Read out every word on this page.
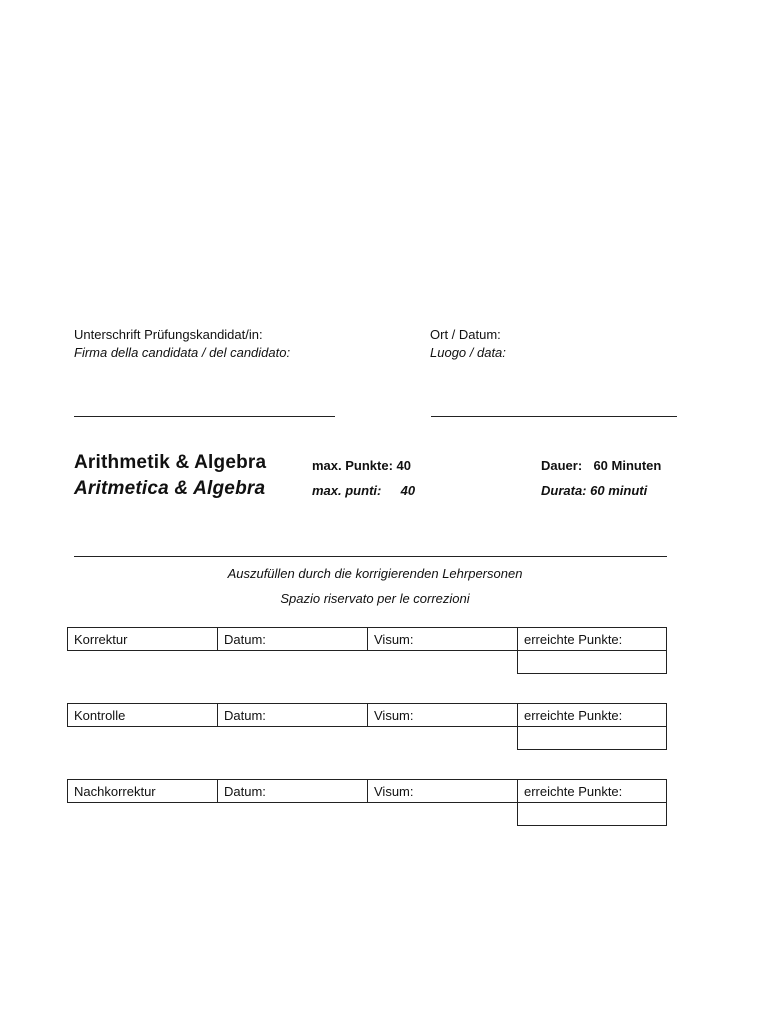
Unterschrift Prüfungskandidat/in:
Firma della candidata / del candidato:
Ort / Datum:
Luogo / data:
Arithmetik & Algebra
Aritmetica & Algebra
max. Punkte: 40
max. punti: 40
Dauer: 60 Minuten
Durata: 60 minuti
Auszufüllen durch die korrigierenden Lehrpersonen
Spazio riservato per le correzioni
Korrektur	Datum:	Visum:	erreichte Punkte:

Kontrolle	Datum:	Visum:	erreichte Punkte:

Nachkorrektur	Datum:	Visum:	erreichte Punkte:
